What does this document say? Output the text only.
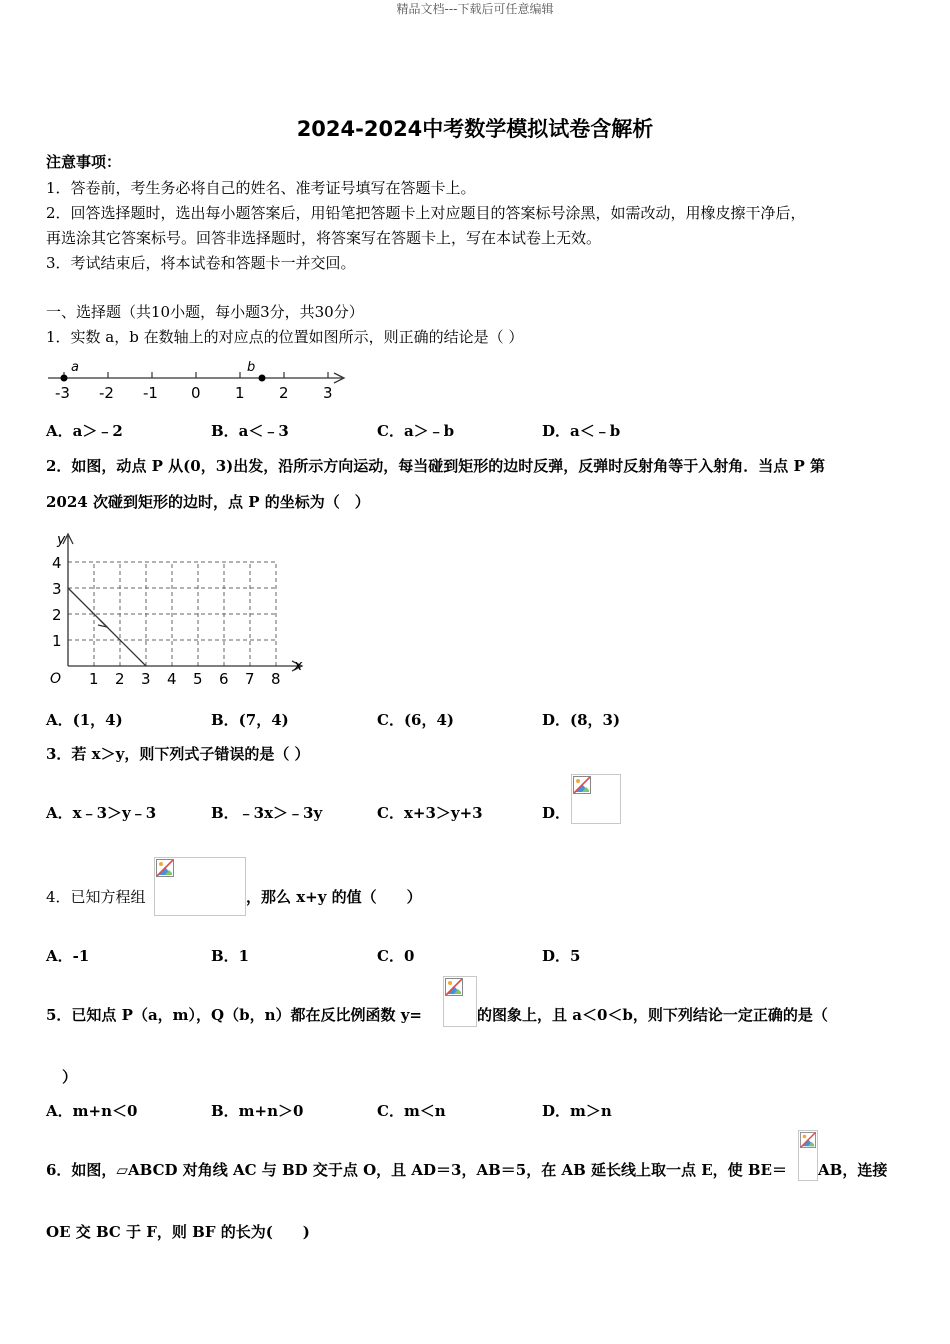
精品文档---下载后可任意编辑
2024-2024中考数学模拟试卷含解析
注意事项：
1．答卷前，考生务必将自己的姓名、准考证号填写在答题卡上。
2．回答选择题时，选出每小题答案后，用铅笔把答题卡上对应题目的答案标号涂黑，如需改动，用橡皮擦干净后，
再选涂其它答案标号。回答非选择题时，将答案写在答题卡上，写在本试卷上无效。
3．考试结束后，将本试卷和答题卡一并交回。
一、选择题（共10小题，每小题3分，共30分）
1．实数 a，b 在数轴上的对应点的位置如图所示，则正确的结论是（ ）
-3 -2 -1 0 1 2 3
a	b
A．a＞﹣2	B．a＜﹣3	C．a＞﹣b	D．a＜﹣b
2．如图，动点 P 从(0，3)出发，沿所示方向运动，每当碰到矩形的边时反弹，反弹时反射角等于入射角．当点 P 第
2024 次碰到矩形的边时，点 P 的坐标为（　）
y
x
O 1 2 3 4 5 6 7 8
4
3
2
1
A．(1，4)	B．(7，4)	C．(6，4)	D．(8，3)
3．若 x＞y，则下列式子错误的是（ ）
A．x﹣3＞y﹣3	B．﹣3x＞﹣3y	C．x+3＞y+3	D．
4．已知方程组	，那么 x+y 的值（　　）
A．-1	B．1	C．0	D．5
5．已知点 P（a，m），Q（b，n）都在反比例函数 y=	的图象上，且 a＜0＜b，则下列结论一定正确的是（
）
A．m+n＜0	B．m+n＞0	C．m＜n	D．m＞n
6．如图，▱ABCD 对角线 AC 与 BD 交于点 O，且 AD＝3，AB＝5，在 AB 延长线上取一点 E，使 BE＝ AB，连接
OE 交 BC 于 F，则 BF 的长为(　　)
